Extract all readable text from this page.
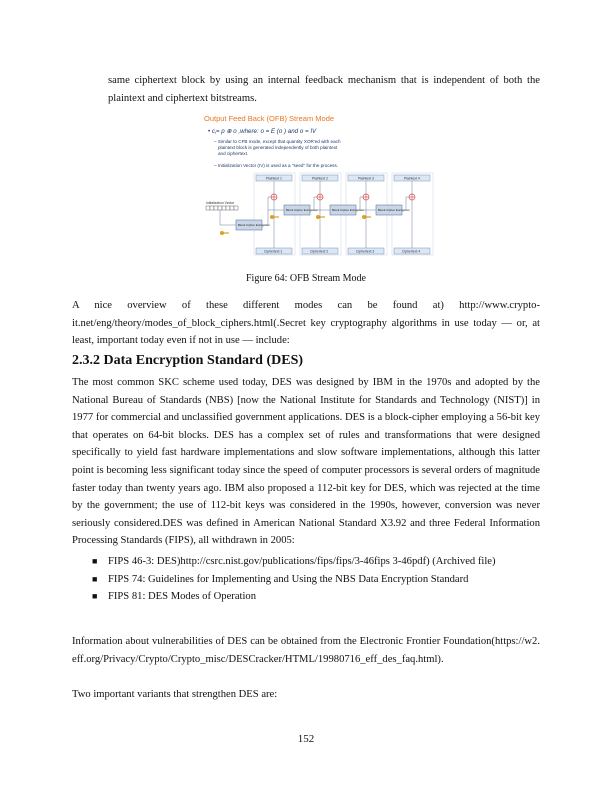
same ciphertext block by using an internal feedback mechanism that is independent of both the plaintext and ciphertext bitstreams.

Output Feed Back (OFB) Stream Mode
• ci= p ⊕ o ,where: o = E (o ) and o = IV
– Similar to CFB mode, except that quantity XOR'ed with each plaintext block is generated independently of both plaintext and ciphertext.
– Initialization Vector (IV) is used as a "seed" for the process.
Plaintext 1	Plaintext 2	Plaintext 3	Plaintext 4
Initialization Vector
Block Cipher Encryption
Block Cipher Encryption	Block Cipher Encryption	Block Cipher Encryption
Ciphertext 1	Ciphertext 2	Ciphertext 3	Ciphertext 4
Figure 64: OFB Stream Mode

A nice overview of these different modes can be found at) http://www.crypto-it.net/eng/theory/modes_of_block_ciphers.html(.Secret key cryptography algorithms in use today — or, at least, important today even if not in use — include:

2.3.2 Data Encryption Standard (DES)

The most common SKC scheme used today, DES was designed by IBM in the 1970s and adopted by the National Bureau of Standards (NBS) [now the National Institute for Standards and Technology (NIST)] in 1977 for commercial and unclassified government applications. DES is a block-cipher employing a 56-bit key that operates on 64-bit blocks. DES has a complex set of rules and transformations that were designed specifically to yield fast hardware implementations and slow software implementations, although this latter point is becoming less significant today since the speed of computer processors is several orders of magnitude faster today than twenty years ago. IBM also proposed a 112-bit key for DES, which was rejected at the time by the government; the use of 112-bit keys was considered in the 1990s, however, conversion was never seriously considered.DES was defined in American National Standard X3.92 and three Federal Information Processing Standards (FIPS), all withdrawn in 2005:

■ FIPS 46-3: DES)http://csrc.nist.gov/publications/fips/fips/3-46fips 3-46pdf) (Archived file)
■ FIPS 74: Guidelines for Implementing and Using the NBS Data Encryption Standard
■ FIPS 81: DES Modes of Operation

Information about vulnerabilities of DES can be obtained from the Electronic Frontier Foundation(https://w2.eff.org/Privacy/Crypto/Crypto_misc/DESCracker/HTML/19980716_eff_des_faq.html).

Two important variants that strengthen DES are:

152
